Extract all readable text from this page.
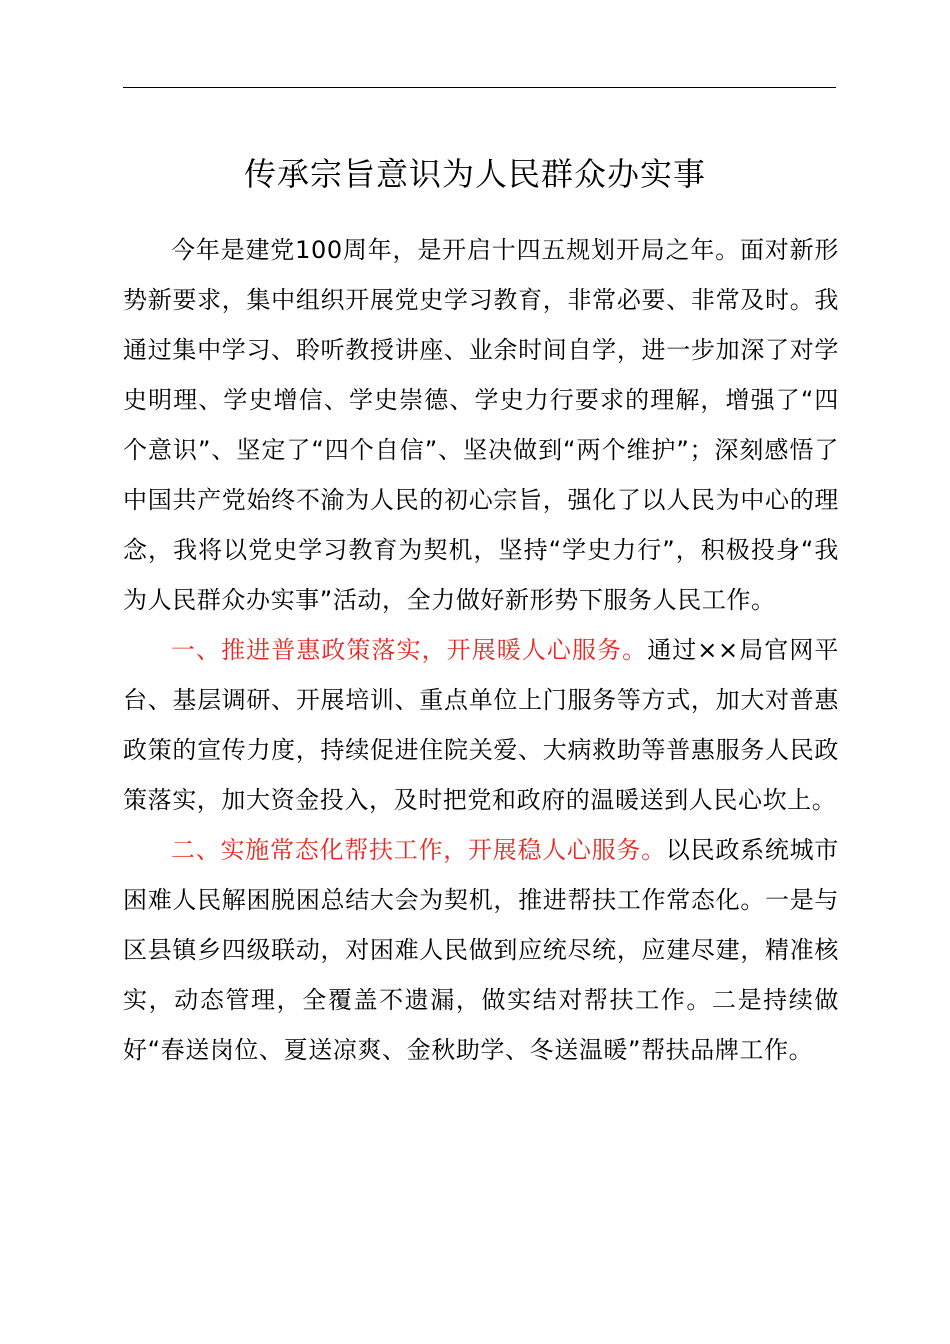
传承宗旨意识为人民群众办实事

今年是建党100周年，是开启十四五规划开局之年。面对新形势新要求，集中组织开展党史学习教育，非常必要、非常及时。我通过集中学习、聆听教授讲座、业余时间自学，进一步加深了对学史明理、学史增信、学史崇德、学史力行要求的理解，增强了“四个意识”、坚定了“四个自信”、坚决做到“两个维护”；深刻感悟了中国共产党始终不渝为人民的初心宗旨，强化了以人民为中心的理念，我将以党史学习教育为契机，坚持“学史力行”，积极投身“我为人民群众办实事”活动，全力做好新形势下服务人民工作。

一、推进普惠政策落实，开展暖人心服务。通过××局官网平台、基层调研、开展培训、重点单位上门服务等方式，加大对普惠政策的宣传力度，持续促进住院关爱、大病救助等普惠服务人民政策落实，加大资金投入，及时把党和政府的温暖送到人民心坎上。

二、实施常态化帮扶工作，开展稳人心服务。以民政系统城市困难人民解困脱困总结大会为契机，推进帮扶工作常态化。一是与区县镇乡四级联动，对困难人民做到应统尽统，应建尽建，精准核实，动态管理，全覆盖不遗漏，做实结对帮扶工作。二是持续做好“春送岗位、夏送凉爽、金秋助学、冬送温暖”帮扶品牌工作。
